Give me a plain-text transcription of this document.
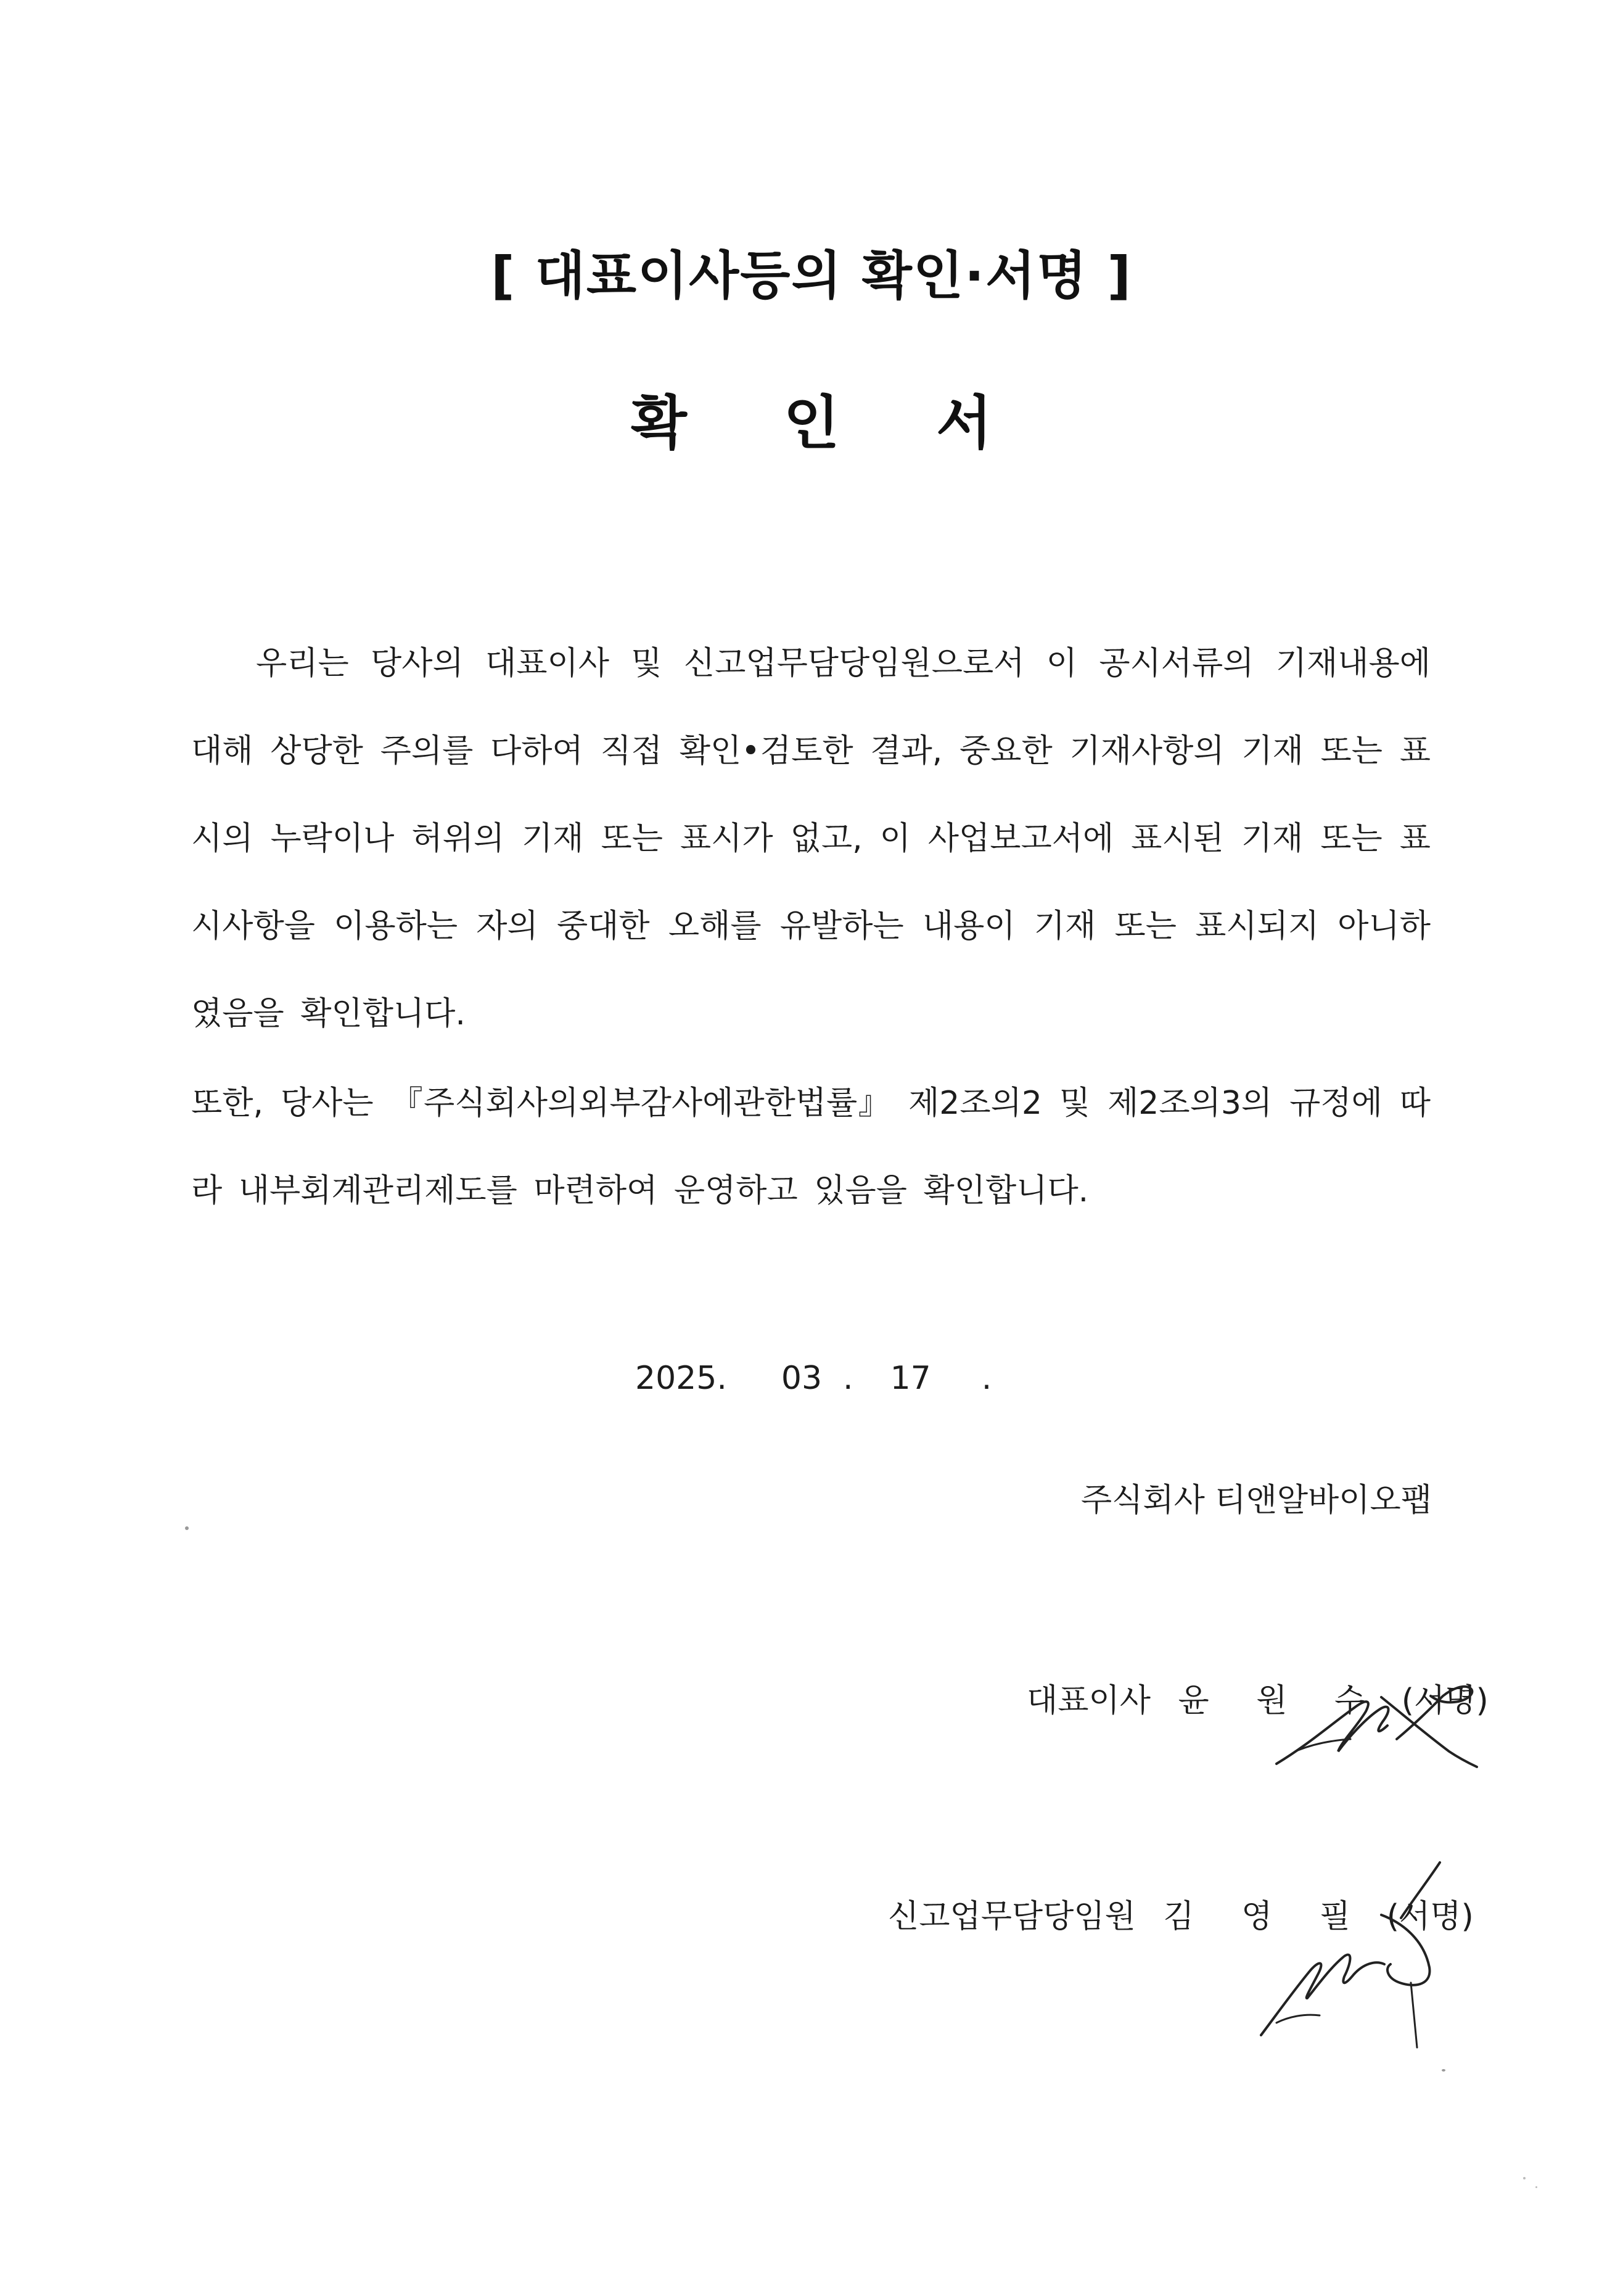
[ 대표이사등의 확인·서명 ]
확 인 서

우리는 당사의 대표이사 및 신고업무담당임원으로서 이 공시서류의 기재내용에 대해 상당한 주의를 다하여 직접 확인•검토한 결과, 중요한 기재사항의 기재 또는 표시의 누락이나 허위의 기재 또는 표시가 없고, 이 사업보고서에 표시된 기재 또는 표시사항을 이용하는 자의 중대한 오해를 유발하는 내용이 기재 또는 표시되지 아니하였음을 확인합니다.

또한, 당사는 『주식회사의외부감사에관한법률』 제2조의2 및 제2조의3의 규정에 따라 내부회계관리제도를 마련하여 운영하고 있음을 확인합니다.

2025. 03 . 17 .
주식회사 티앤알바이오팹
대표이사 윤 원 수 (서명)
신고업무담당임원 김 영 필 (서명)
